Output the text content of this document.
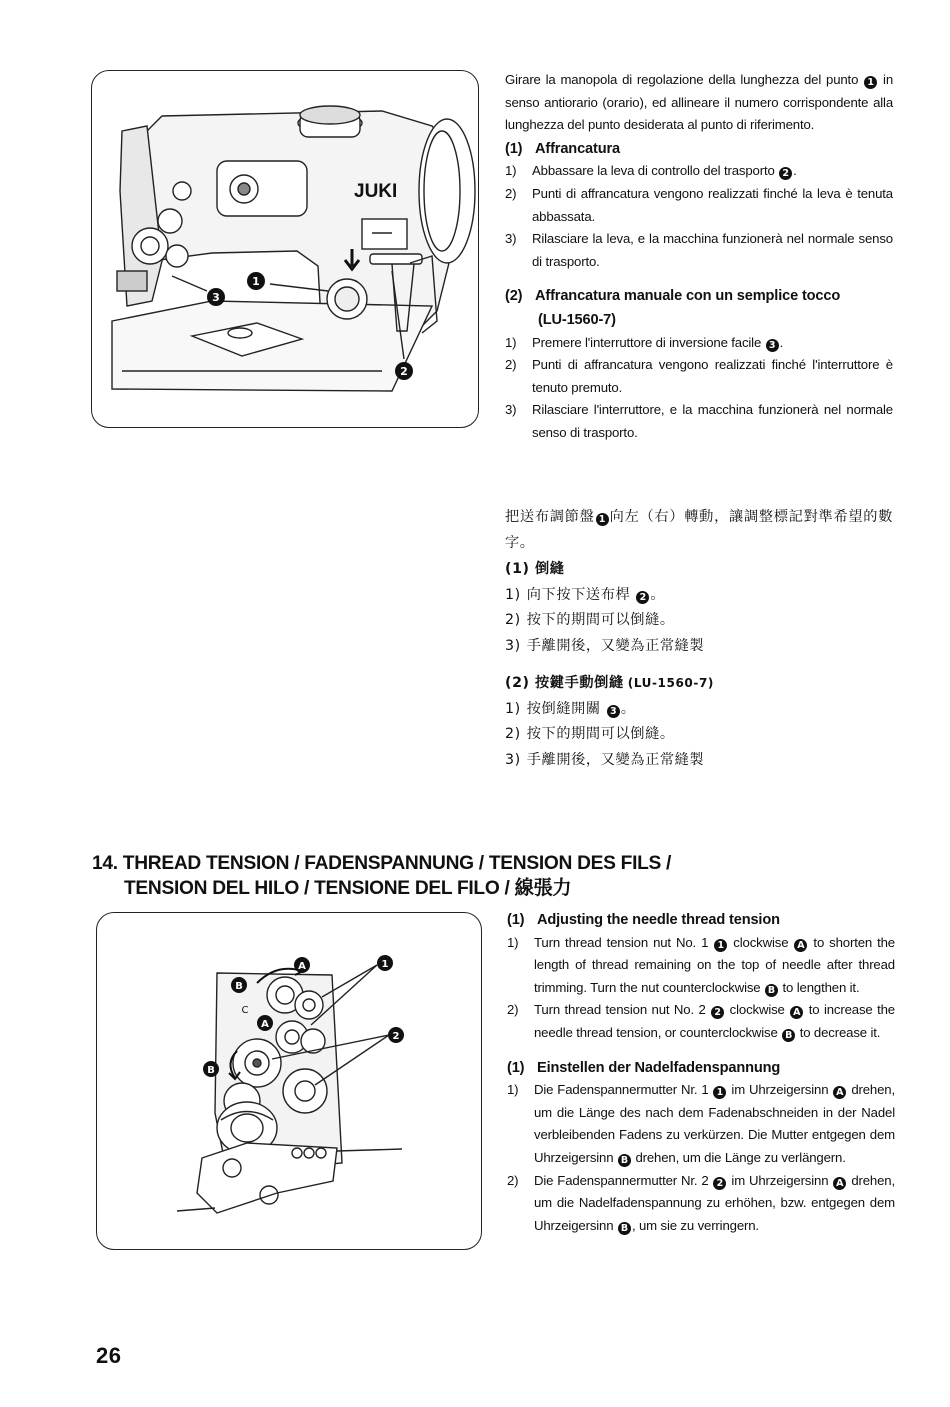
JUKI
1
2
3
Girare la manopola di regolazione della lunghezza del punto 1 in senso antiorario (orario), ed allineare il numero corrispondente alla lunghezza del punto desiderata al punto di riferimento.
(1) Affrancatura
1) Abbassare la leva di controllo del trasporto 2 .
2) Punti di affrancatura vengono realizzati finché la leva è tenuta abbassata.
3) Rilasciare la leva, e la macchina funzionerà nel normale senso di trasporto.
(2) Affrancatura manuale con un semplice tocco
(LU-1560-7)
1) Premere l'interruttore di inversione facile 3 .
2) Punti di affrancatura vengono realizzati finché l'interruttore è tenuto premuto.
3) Rilasciare l'interruttore, e la macchina funzionerà nel normale senso di trasporto.
把送布調節盤 1 向左（右）轉動，讓調整標記對準希望的數字。
(1) 倒縫
1) 向下按下送布桿 2 。
2) 按下的期間可以倒縫。
3) 手離開後，又變為正常縫製
(2) 按鍵手動倒縫 (LU-1560-7)
1) 按倒縫開關 3 。
2) 按下的期間可以倒縫。
3) 手離開後，又變為正常縫製
14. THREAD TENSION / FADENSPANNUNG / TENSION DES FILS /
TENSION DEL HILO / TENSIONE DEL FILO / 線張力
1
2
A
A
B
B
C
(1) Adjusting the needle thread tension
1) Turn thread tension nut No. 1 1 clockwise A to shorten the length of thread remaining on the top of needle after thread trimming. Turn the nut counterclockwise B to lengthen it.
2) Turn thread tension nut No. 2 2 clockwise A to increase the needle thread tension, or counterclockwise B to decrease it.
(1) Einstellen der Nadelfadenspannung
1) Die Fadenspannermutter Nr. 1 1 im Uhrzeigersinn A drehen, um die Länge des nach dem Fadenabschneiden in der Nadel verbleibenden Fadens zu verkürzen. Die Mutter entgegen dem Uhrzeigersinn B drehen, um die Länge zu verlängern.
2) Die Fadenspannermutter Nr. 2 2 im Uhrzeigersinn A drehen, um die Nadelfadenspannung zu erhöhen, bzw. entgegen dem Uhrzeigersinn B , um sie zu verringern.
26
